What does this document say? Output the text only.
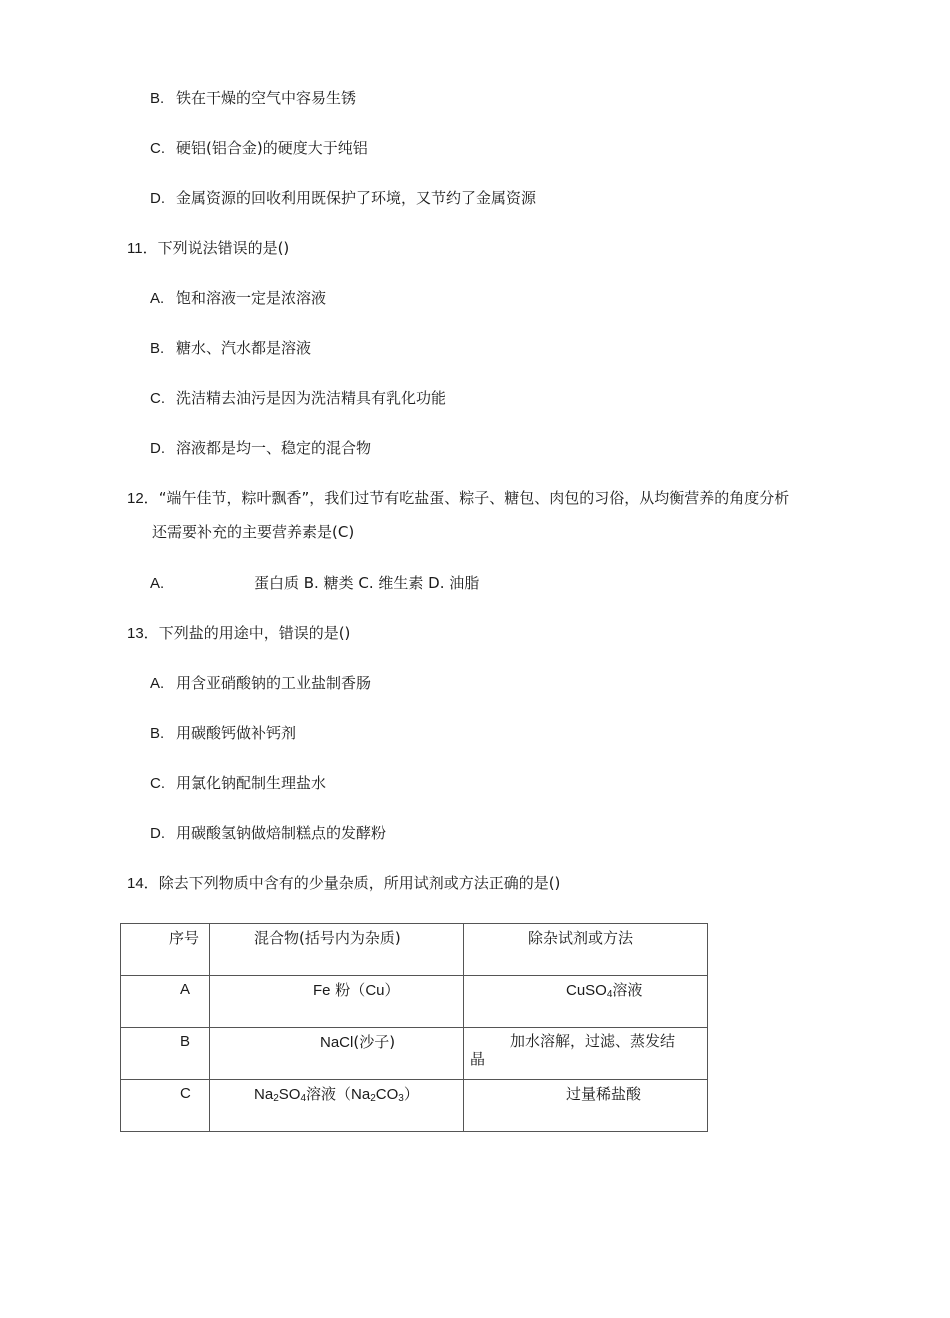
B. 铁在干燥的空气中容易生锈
C. 硬铝(铝合金)的硬度大于纯铝
D. 金属资源的回收利用既保护了环境，又节约了金属资源
11．下列说法错误的是()
A. 饱和溶液一定是浓溶液
B. 糖水、汽水都是溶液
C. 洗洁精去油污是因为洗洁精具有乳化功能
D. 溶液都是均一、稳定的混合物
12．“端午佳节，粽叶飘香”，我们过节有吃盐蛋、粽子、糖包、肉包的习俗，从均衡营养的角度分析
还需要补充的主要营养素是(C)
A.	蛋白质 B. 糖类 C. 维生素 D. 油脂
13．下列盐的用途中，错误的是()
A. 用含亚硝酸钠的工业盐制香肠
B. 用碳酸钙做补钙剂
C. 用氯化钠配制生理盐水
D. 用碳酸氢钠做焙制糕点的发酵粉
14．除去下列物质中含有的少量杂质，所用试剂或方法正确的是()
序号	混合物(括号内为杂质)	除杂试剂或方法

A	Fe 粉（Cu）	CuSO$_4$溶液

B	NaCl(沙子)	加水溶解，过滤、蒸发结
晶

C	$Na_2SO_4$溶液$(Na_2CO_3)$	过量稀盐酸
